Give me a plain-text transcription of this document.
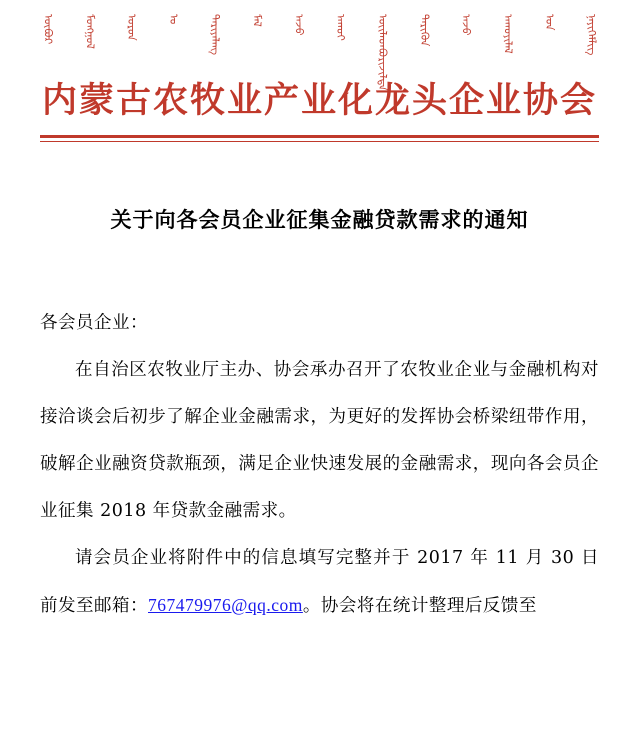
ᠦᠪᠦᠷ	ᠮᠣᠩᠭᠣᠯ	ᠣᠷᠣᠨ	ᠤ	ᠲᠠᠷᠢᠶᠠᠯᠠᠩ	ᠮᠠᠯ	ᠠᠵᠤ	ᠠᠬᠤᠢ	ᠦᠢᠯᠡᠳᠪᠦᠷᠢᠵᠢᠯᠲᠡ	ᠲᠡᠷᠢᠭᠦᠨ	ᠠᠵᠤ	ᠠᠬᠤᠶᠢᠯᠠᠯ	ᠤᠨ	ᠨᠡᠶᠢᠭᠡᠮᠯᠢᠭ
内蒙古农牧业产业化龙头企业协会
关于向各会员企业征集金融贷款需求的通知

各会员企业：

在自治区农牧业厅主办、协会承办召开了农牧业企业与金融机构对接洽谈会后初步了解企业金融需求，为更好的发挥协会桥梁纽带作用，破解企业融资贷款瓶颈，满足企业快速发展的金融需求，现向各会员企业征集 2018 年贷款金融需求。

请会员企业将附件中的信息填写完整并于 2017 年 11 月 30 日前发至邮箱：767479976@qq.com。协会将在统计整理后反馈至
